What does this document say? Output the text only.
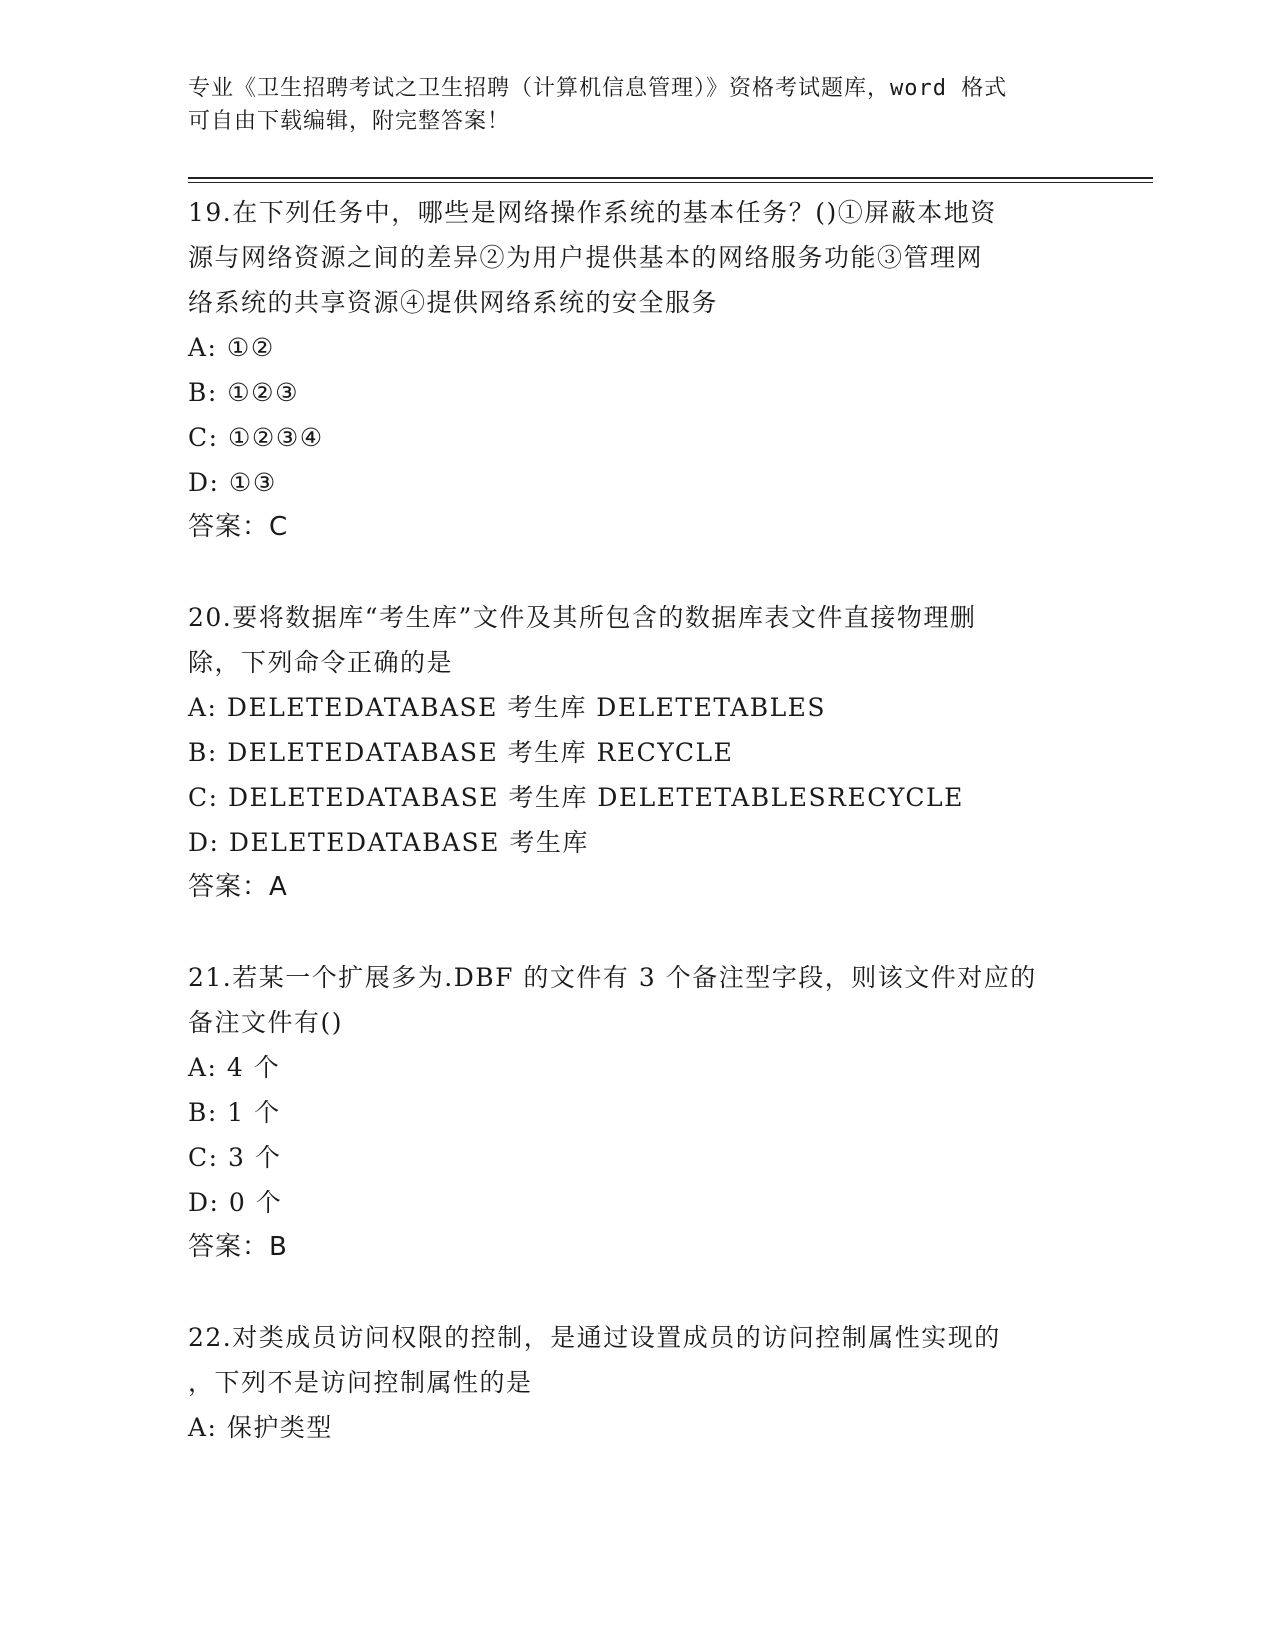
专业《卫生招聘考试之卫生招聘（计算机信息管理）》资格考试题库，word 格式
可自由下载编辑，附完整答案！
19.在下列任务中，哪些是网络操作系统的基本任务？()①屏蔽本地资
源与网络资源之间的差异②为用户提供基本的网络服务功能③管理网
络系统的共享资源④提供网络系统的安全服务
A: ①②
B: ①②③
C: ①②③④
D: ①③
答案：C
20.要将数据库“考生库”文件及其所包含的数据库表文件直接物理删
除，下列命令正确的是
A: DELETEDATABASE 考生库 DELETETABLES
B: DELETEDATABASE 考生库 RECYCLE
C: DELETEDATABASE 考生库 DELETETABLESRECYCLE
D: DELETEDATABASE 考生库
答案：A
21.若某一个扩展多为.DBF 的文件有 3 个备注型字段，则该文件对应的
备注文件有()
A: 4 个
B: 1 个
C: 3 个
D: 0 个
答案：B
22.对类成员访问权限的控制，是通过设置成员的访问控制属性实现的
，下列不是访问控制属性的是
A: 保护类型
